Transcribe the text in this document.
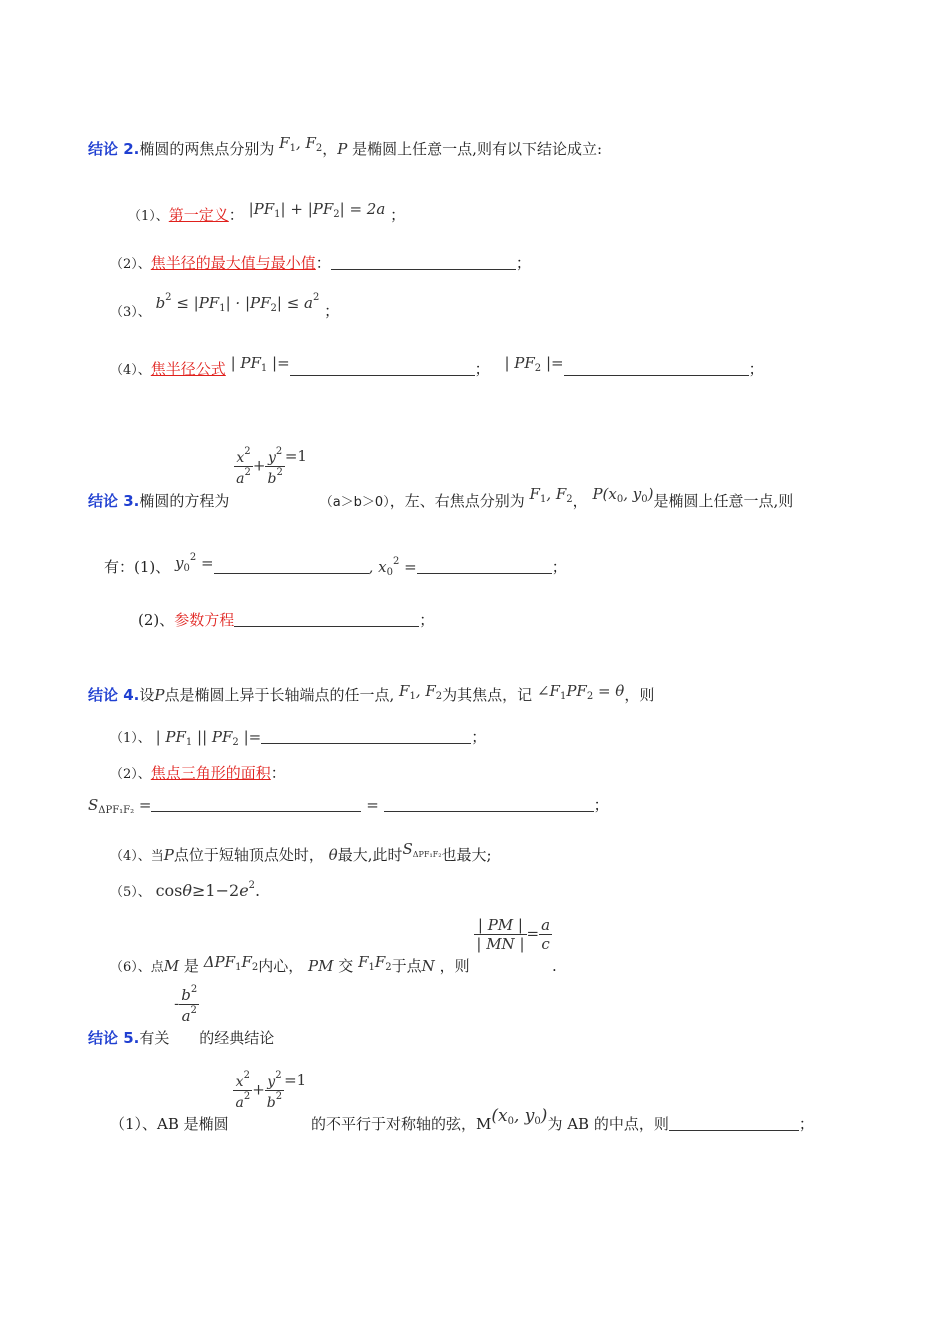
结论 2.椭圆的两焦点分别为 $F_1$, $F_2$，P 是椭圆上任意一点,则有以下结论成立:
（1）、第一定义： $|PF_1| + |PF_2| = 2a$ ；
（2）、焦半径的最大值与最小值：	；
（3）、 $b^2 \le |PF_1| \cdot |PF_2| \le a^2$ ；
（4）、焦半径公式 | $PF_1$ |=	； | $PF_2$ |=	；
结论 3.椭圆的方程为
$\frac{x^2}{a^2} + \frac{y^2}{b^2} =1$ （a＞b＞0），左、右焦点分别为 $F_1$, $F_2$， $P(x_0$, $y_0$)是椭圆上任意一点,则
有：(1)、 $y_0^2$ =	, $x_0^2$ =	；
(2)、参数方程	；
结论 4.设P点是椭圆上异于长轴端点的任一点, $F_1$, $F_2$为其焦点，记 $\angle F_1PF_2 = \theta$，则
（1）、 | $PF_1$ || $PF_2$ |=	；
（2）、焦点三角形的面积：
$S_{\Delta PF_1F_2}$ =	=	；
（4）、当P点位于短轴顶点处时， θ最大,此时$S_{\Delta PF_1F_2}$也最大;
（5）、 $\cos\theta\ge 1-2e^2$.
（6）、点M 是 $\Delta PF_1F_2$内心， PM 交 $F_1F_2$于点N ，则
$\frac{| PM |}{| MN |} = \frac{a}{c}$
.
结论 5.有关 - $\frac{b^2}{a^2}$
的经典结论
（1）、AB 是椭圆
$\frac{x^2}{a^2} + \frac{y^2}{b^2} =1$ 的不平行于对称轴的弦，$M(x_0$, $y_0$)为 AB 的中点，则	；
